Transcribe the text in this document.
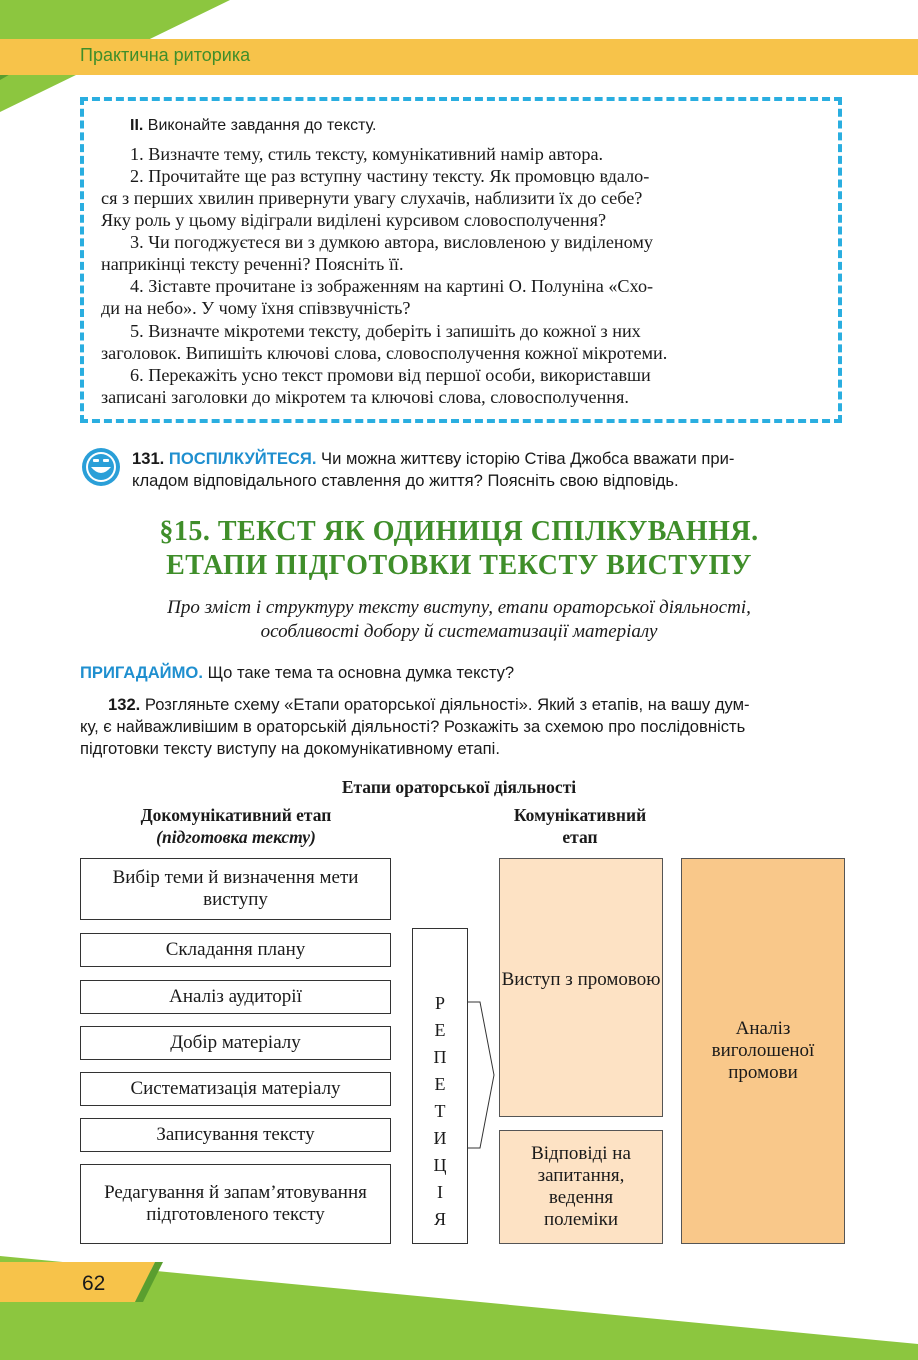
Практична риторика
II. Виконайте завдання до тексту.
1. Визначте тему, стиль тексту, комунікативний намір автора.
2. Прочитайте ще раз вступну частину тексту. Як промовцю вдало-
ся з перших хвилин привернути увагу слухачів, наблизити їх до себе?
Яку роль у цьому відіграли виділені курсивом словосполучення?
3. Чи погоджуєтеся ви з думкою автора, висловленою у виділеному
наприкінці тексту реченні? Поясніть її.
4. Зіставте прочитане із зображенням на картині О. Полуніна «Схо-
ди на небо». У чому їхня співзвучність?
5. Визначте мікротеми тексту, доберіть і запишіть до кожної з них
заголовок. Випишіть ключові слова, словосполучення кожної мікротеми.
6. Перекажіть усно текст промови від першої особи, використавши
записані заголовки до мікротем та ключові слова, словосполучення.
131. ПОСПІЛКУЙТЕСЯ. Чи можна життєву історію Стіва Джобса вважати при-
кладом відповідального ставлення до життя? Поясніть свою відповідь.
§15. ТЕКСТ ЯК ОДИНИЦЯ СПІЛКУВАННЯ.
ЕТАПИ ПІДГОТОВКИ ТЕКСТУ ВИСТУПУ
Про зміст і структуру тексту виступу, етапи ораторської діяльності,
особливості добору й систематизації матеріалу
ПРИГАДАЙМО. Що таке тема та основна думка тексту?
132. Розгляньте схему «Етапи ораторської діяльності». Який з етапів, на вашу дум-
ку, є найважливішим в ораторській діяльності? Розкажіть за схемою про послідовність
підготовки тексту виступу на докомунікативному етапі.
Етапи ораторської діяльності
Докомунікативний етап
(підготовка тексту)
Комунікативний
етап
Вибір теми й визначення мети виступу
Складання плану
Аналіз аудиторії
Добір матеріалу
Систематизація матеріалу
Записування тексту
Редагування й запам’ятовування підготовленого тексту
Р
Е
П
Е
Т
И
Ц
І
Я
Виступ з промовою
Відповіді на запитання, ведення полеміки
Аналіз виголошеної промови
62
